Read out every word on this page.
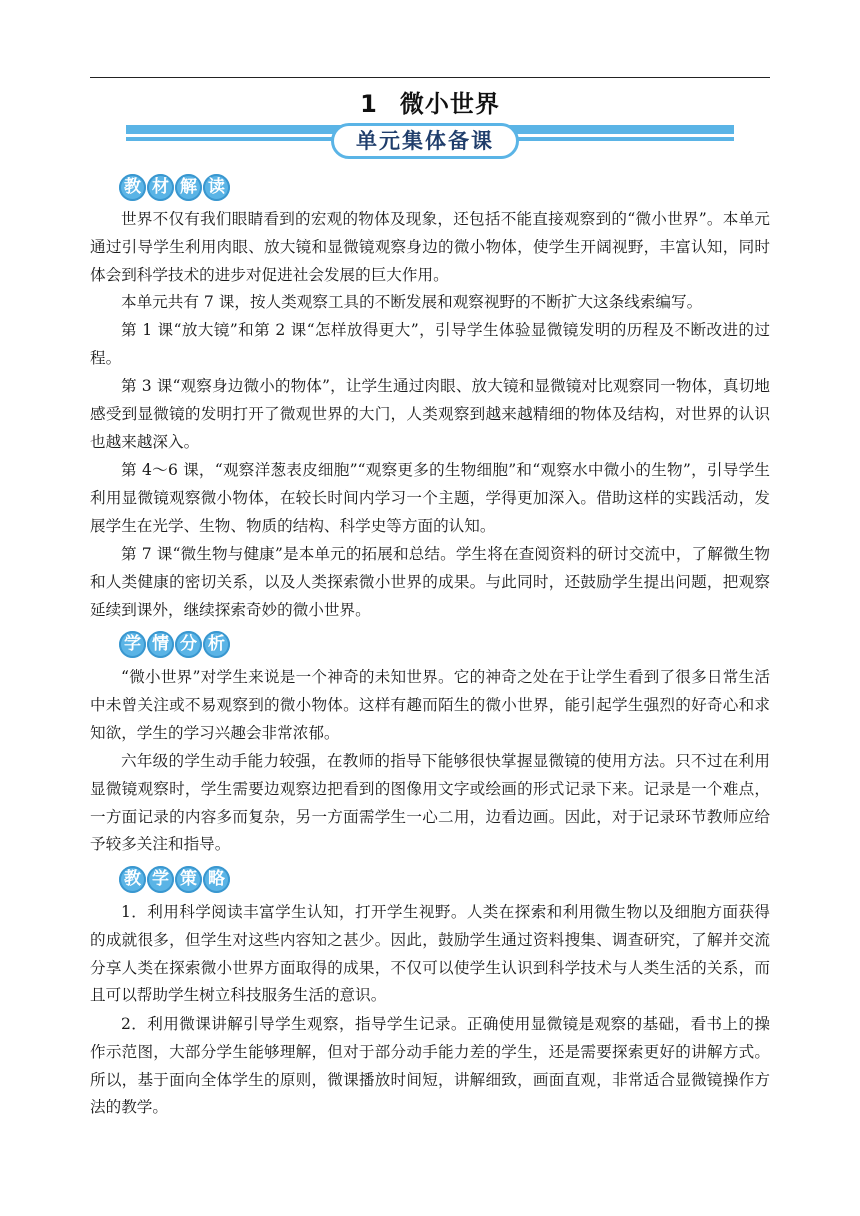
1 微小世界
单元集体备课
教 材 解 读

世界不仅有我们眼睛看到的宏观的物体及现象，还包括不能直接观察到的“微小世界”。本单元通过引导学生利用肉眼、放大镜和显微镜观察身边的微小物体，使学生开阔视野，丰富认知，同时体会到科学技术的进步对促进社会发展的巨大作用。

本单元共有 7 课，按人类观察工具的不断发展和观察视野的不断扩大这条线索编写。

第 1 课“放大镜”和第 2 课“怎样放得更大”，引导学生体验显微镜发明的历程及不断改进的过程。

第 3 课“观察身边微小的物体”，让学生通过肉眼、放大镜和显微镜对比观察同一物体，真切地感受到显微镜的发明打开了微观世界的大门，人类观察到越来越精细的物体及结构，对世界的认识也越来越深入。

第 4～6 课，“观察洋葱表皮细胞”“观察更多的生物细胞”和“观察水中微小的生物”，引导学生利用显微镜观察微小物体，在较长时间内学习一个主题，学得更加深入。借助这样的实践活动，发展学生在光学、生物、物质的结构、科学史等方面的认知。

第 7 课“微生物与健康”是本单元的拓展和总结。学生将在查阅资料的研讨交流中，了解微生物和人类健康的密切关系，以及人类探索微小世界的成果。与此同时，还鼓励学生提出问题，把观察延续到课外，继续探索奇妙的微小世界。

学 情 分 析

“微小世界”对学生来说是一个神奇的未知世界。它的神奇之处在于让学生看到了很多日常生活中未曾关注或不易观察到的微小物体。这样有趣而陌生的微小世界，能引起学生强烈的好奇心和求知欲，学生的学习兴趣会非常浓郁。

六年级的学生动手能力较强，在教师的指导下能够很快掌握显微镜的使用方法。只不过在利用显微镜观察时，学生需要边观察边把看到的图像用文字或绘画的形式记录下来。记录是一个难点，一方面记录的内容多而复杂，另一方面需学生一心二用，边看边画。因此，对于记录环节教师应给予较多关注和指导。

教 学 策 略

1．利用科学阅读丰富学生认知，打开学生视野。人类在探索和利用微生物以及细胞方面获得的成就很多，但学生对这些内容知之甚少。因此，鼓励学生通过资料搜集、调查研究，了解并交流分享人类在探索微小世界方面取得的成果，不仅可以使学生认识到科学技术与人类生活的关系，而且可以帮助学生树立科技服务生活的意识。

2．利用微课讲解引导学生观察，指导学生记录。正确使用显微镜是观察的基础，看书上的操作示范图，大部分学生能够理解，但对于部分动手能力差的学生，还是需要探索更好的讲解方式。所以，基于面向全体学生的原则，微课播放时间短，讲解细致，画面直观，非常适合显微镜操作方法的教学。
